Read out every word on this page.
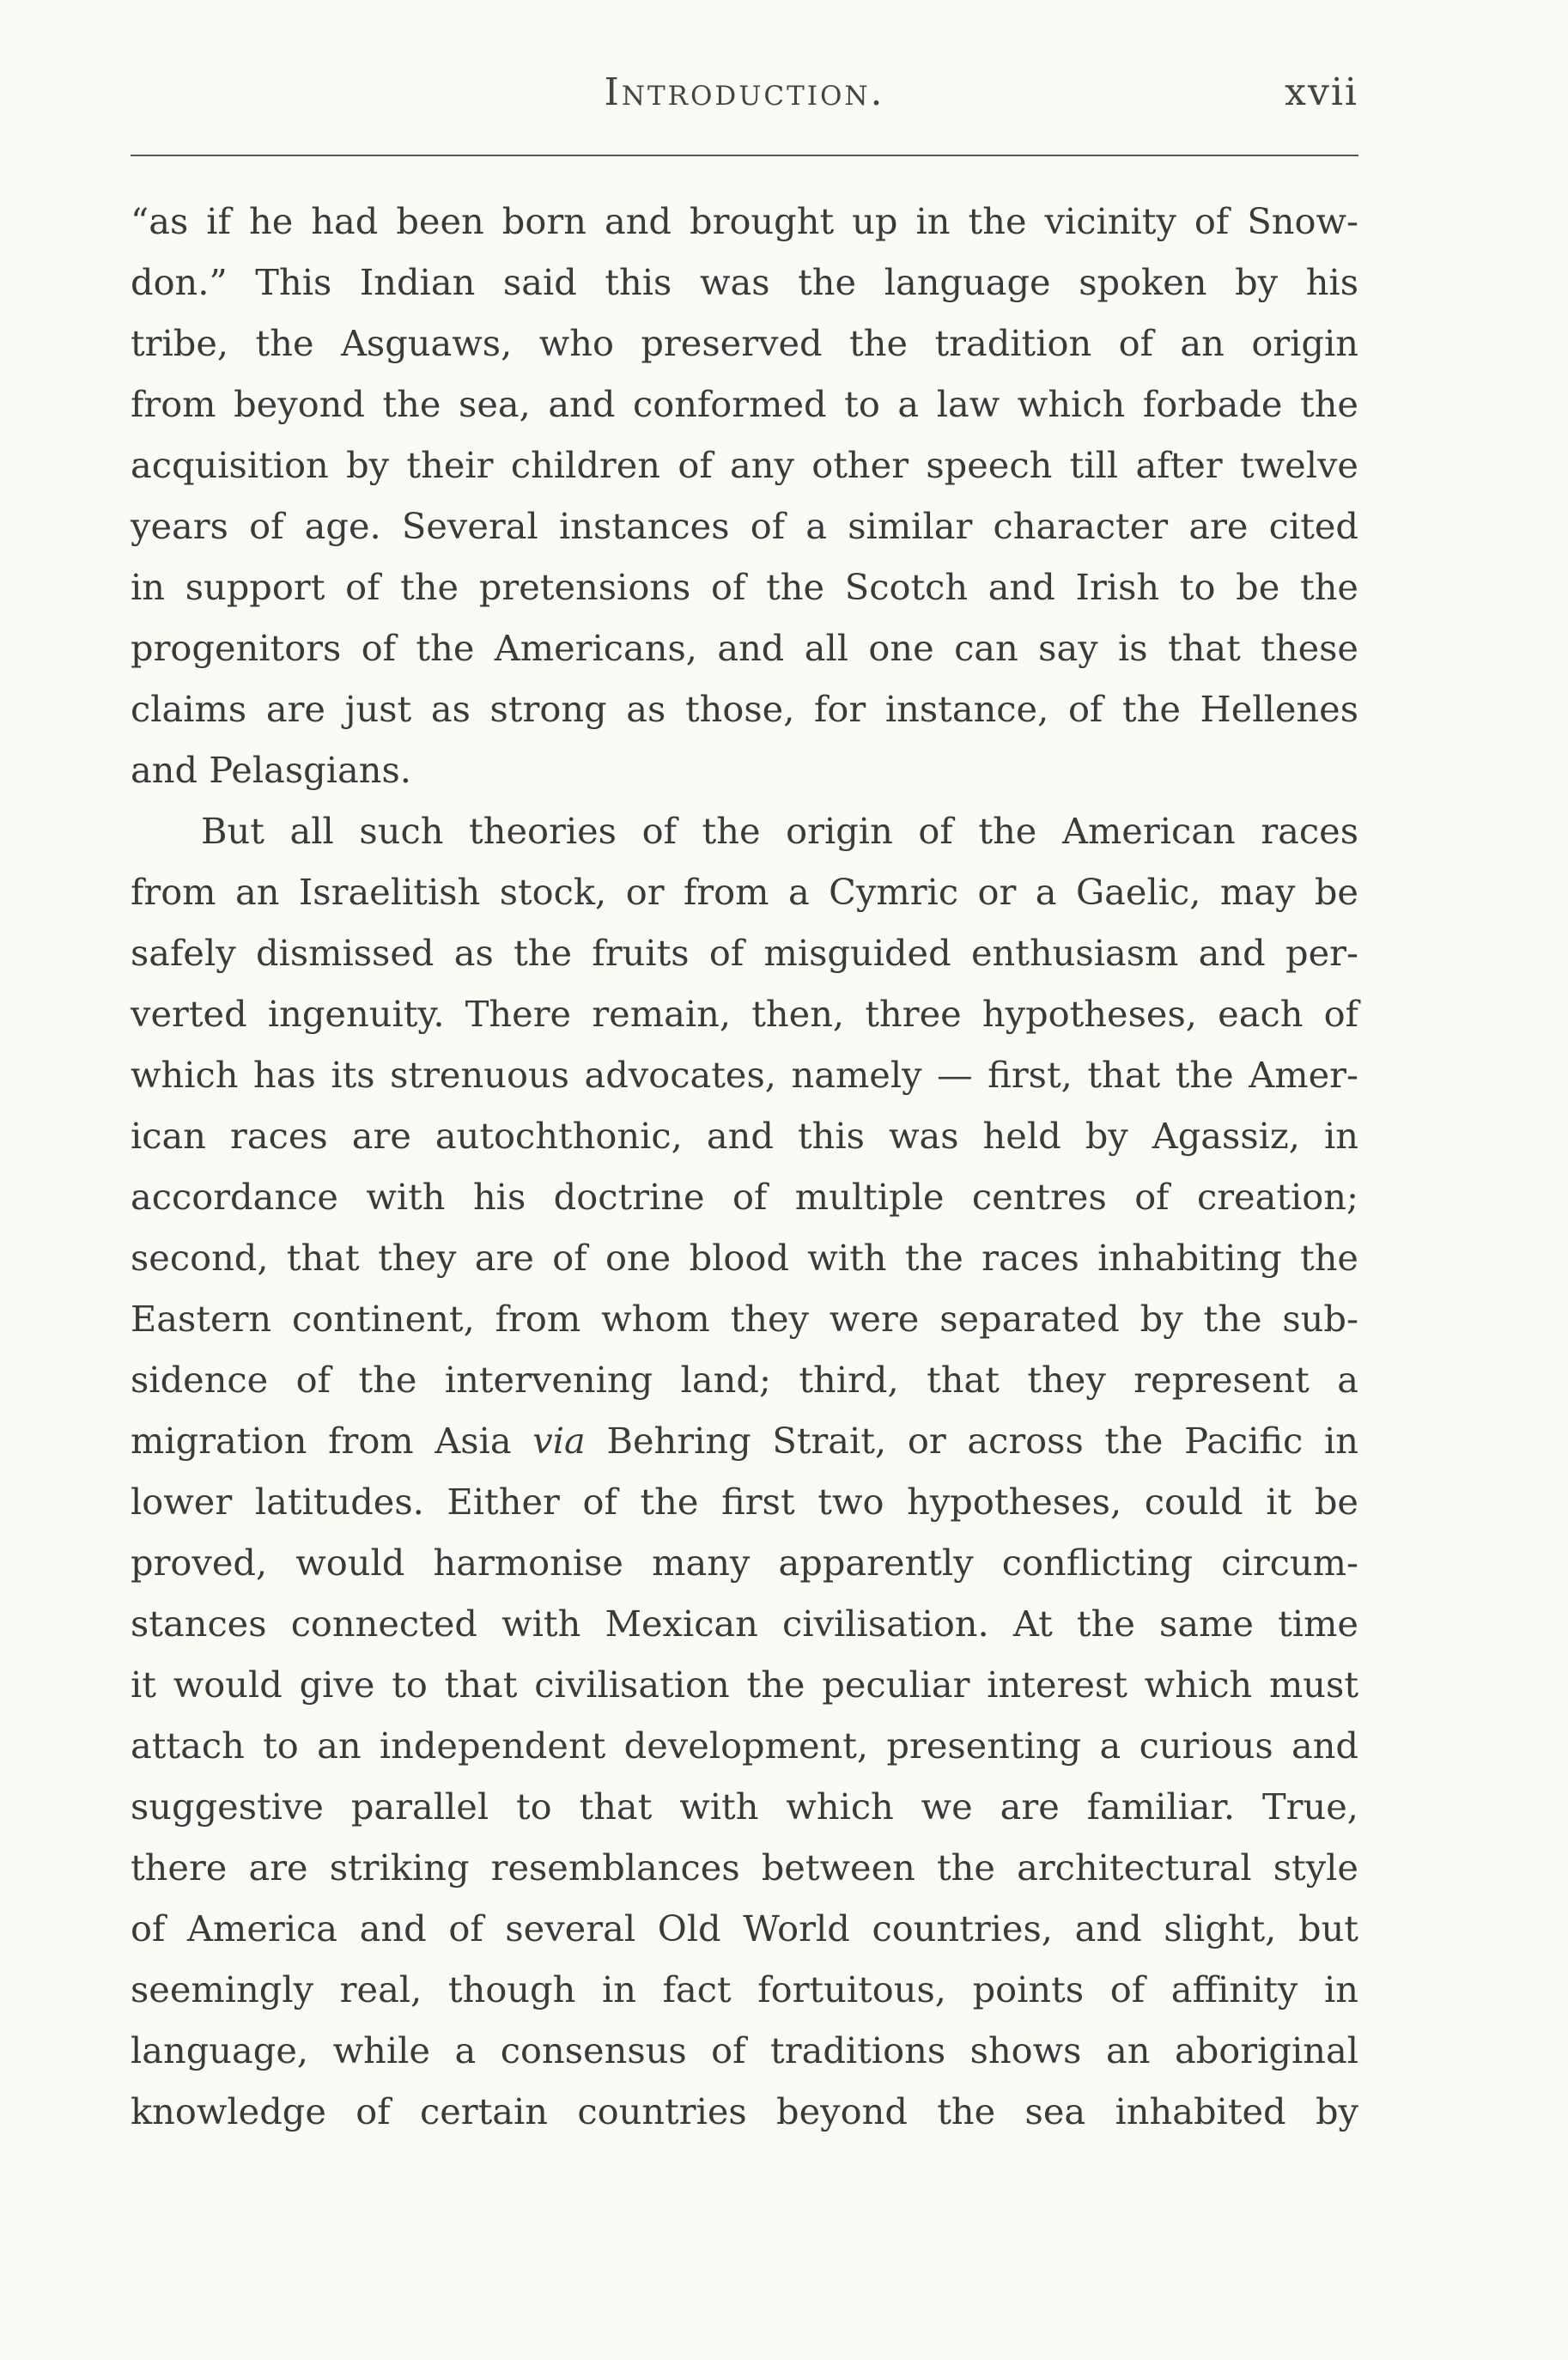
Introduction.	xvii
“as if he had been born and brought up in the vicinity of Snow-
don.” This Indian said this was the language spoken by his
tribe, the Asguaws, who preserved the tradition of an origin
from beyond the sea, and conformed to a law which forbade the
acquisition by their children of any other speech till after twelve
years of age. Several instances of a similar character are cited
in support of the pretensions of the Scotch and Irish to be the
progenitors of the Americans, and all one can say is that these
claims are just as strong as those, for instance, of the Hellenes
and Pelasgians.
But all such theories of the origin of the American races
from an Israelitish stock, or from a Cymric or a Gaelic, may be
safely dismissed as the fruits of misguided enthusiasm and per-
verted ingenuity. There remain, then, three hypotheses, each of
which has its strenuous advocates, namely — first, that the Amer-
ican races are autochthonic, and this was held by Agassiz, in
accordance with his doctrine of multiple centres of creation;
second, that they are of one blood with the races inhabiting the
Eastern continent, from whom they were separated by the sub-
sidence of the intervening land; third, that they represent a
migration from Asia via Behring Strait, or across the Pacific in
lower latitudes. Either of the first two hypotheses, could it be
proved, would harmonise many apparently conflicting circum-
stances connected with Mexican civilisation. At the same time
it would give to that civilisation the peculiar interest which must
attach to an independent development, presenting a curious and
suggestive parallel to that with which we are familiar. True,
there are striking resemblances between the architectural style
of America and of several Old World countries, and slight, but
seemingly real, though in fact fortuitous, points of affinity in
language, while a consensus of traditions shows an aboriginal
knowledge of certain countries beyond the sea inhabited by
